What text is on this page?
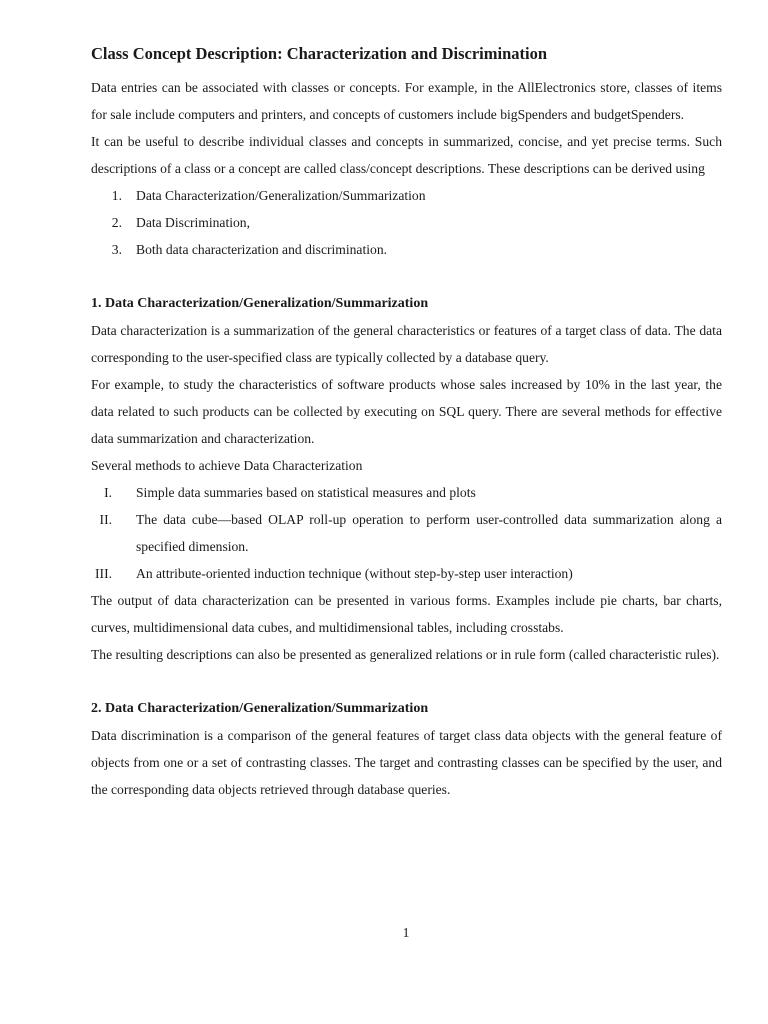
Class Concept Description: Characterization and Discrimination

Data entries can be associated with classes or concepts. For example, in the AllElectronics store, classes of items for sale include computers and printers, and concepts of customers include bigSpenders and budgetSpenders.

It can be useful to describe individual classes and concepts in summarized, concise, and yet precise terms. Such descriptions of a class or a concept are called class/concept descriptions. These descriptions can be derived using

1. Data Characterization/Generalization/Summarization
2. Data Discrimination,
3. Both data characterization and discrimination.
1. Data Characterization/Generalization/Summarization

Data characterization is a summarization of the general characteristics or features of a target class of data. The data corresponding to the user-specified class are typically collected by a database query.

For example, to study the characteristics of software products whose sales increased by 10% in the last year, the data related to such products can be collected by executing on SQL query. There are several methods for effective data summarization and characterization.

Several methods to achieve Data Characterization

I. Simple data summaries based on statistical measures and plots
II. The data cube—based OLAP roll-up operation to perform user-controlled data summarization along a specified dimension.
III. An attribute-oriented induction technique (without step-by-step user interaction)

The output of data characterization can be presented in various forms. Examples include pie charts, bar charts, curves, multidimensional data cubes, and multidimensional tables, including crosstabs.

The resulting descriptions can also be presented as generalized relations or in rule form (called characteristic rules).

2. Data Characterization/Generalization/Summarization

Data discrimination is a comparison of the general features of target class data objects with the general feature of objects from one or a set of contrasting classes. The target and contrasting classes can be specified by the user, and the corresponding data objects retrieved through database queries.

1
